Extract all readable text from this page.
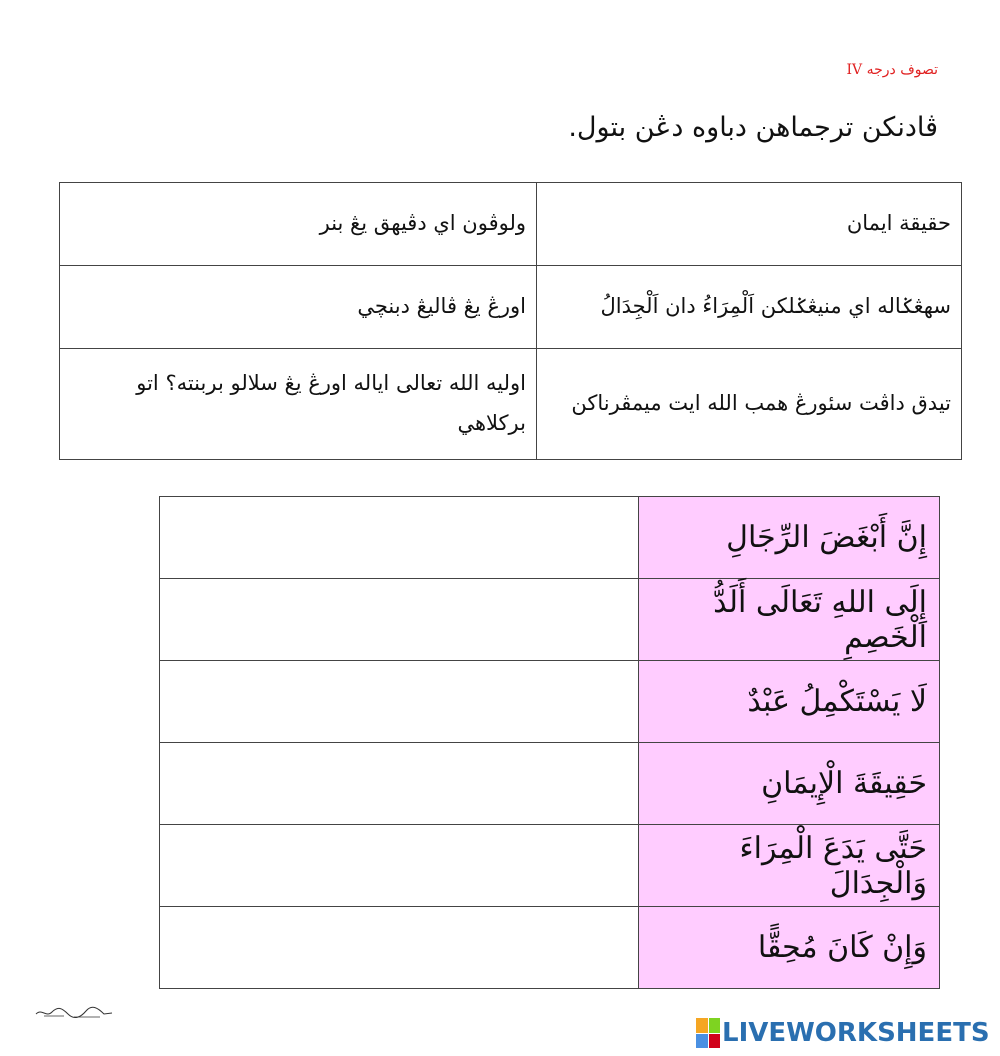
تصوف درجه IV
ڤادنکن ترجماهن دباوه دڠن بتول.
حقيقة ايمان	ولوڤون اي دڤيهق يڠ بنر
سهڠݢاله اي منيڠݢلکن اَلْمِرَاءُ دان اَلْجِدَالُ	اورڠ يڠ ڤاليڠ دبنچي
تيدق داڤت سئورڠ همب الله ايت ميمڤرناکن	اوليه الله تعالى اياله اورڠ يڠ سلالو بربنته؟ اتو برکلاهي
إِنَّ أَبْغَضَ الرِّجَالِ	
إِلَى اللهِ تَعَالَى أَلَدُّ الْخَصِمِ	
لَا يَسْتَكْمِلُ عَبْدٌ	
حَقِيقَةَ الْإِيمَانِ	
حَتَّى يَدَعَ الْمِرَاءَ وَالْجِدَالَ	
وَإِنْ كَانَ مُحِقًّا	
LIVEWORKSHEETS
